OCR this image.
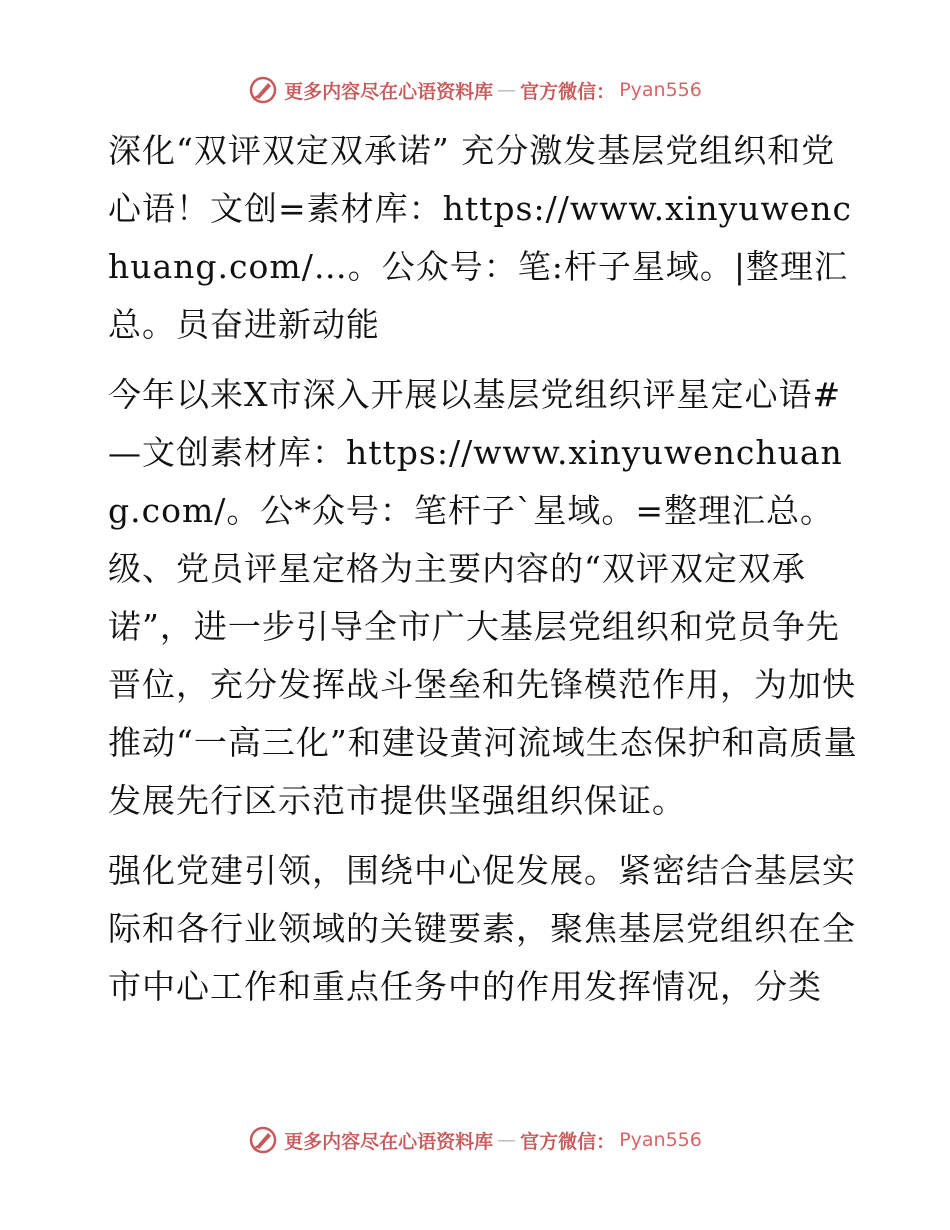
更多内容尽在心语资料库 — 官方微信： Pyan556

深化“双评双定双承诺” 充分激发基层党组织和党心语！文创=素材库：https://www.xinyuwenchuang.com/…。公众号：笔:杆子星域。|整理汇总。员奋进新动能

今年以来X市深入开展以基层党组织评星定心语#—文创素材库：https://www.xinyuwenchuang.com/。公*众号：笔杆子`星域。=整理汇总。级、党员评星定格为主要内容的“双评双定双承诺”，进一步引导全市广大基层党组织和党员争先晋位，充分发挥战斗堡垒和先锋模范作用，为加快推动“一高三化”和建设黄河流域生态保护和高质量发展先行区示范市提供坚强组织保证。

强化党建引领，围绕中心促发展。紧密结合基层实际和各行业领域的关键要素，聚焦基层党组织在全市中心工作和重点任务中的作用发挥情况，分类

更多内容尽在心语资料库 — 官方微信： Pyan556
